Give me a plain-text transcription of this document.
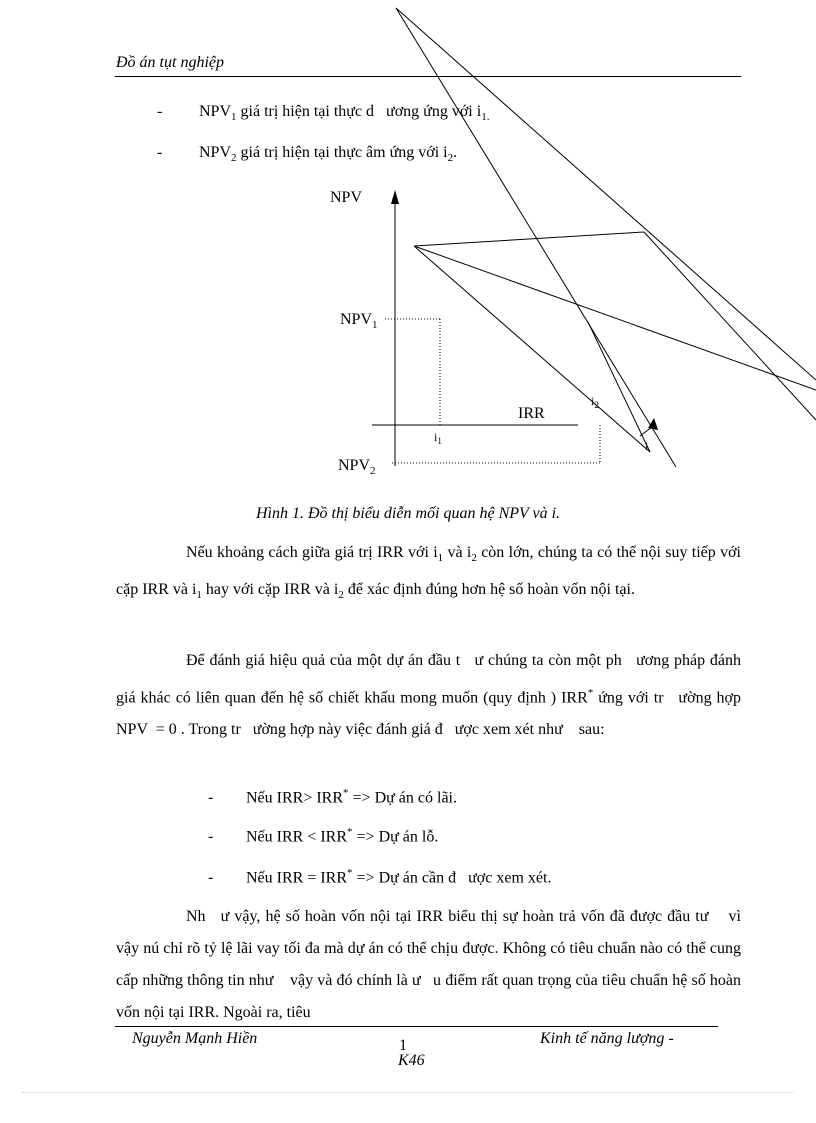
Đồ án tụt nghiệp
- $NPV_1$ giá trị hiện tại thực d   ương ứng với $i_{1.}$
- $NPV_2$ giá trị hiện tại thực âm ứng với $i_2$.
NPV
$NPV_1$
$NPV_2$
IRR
$i_1$
$i_2$
i
Hình 1. Đồ thị biểu diễn mối quan hệ NPV và i.
Nếu khoảng cách giữa giá trị IRR với $i_1$ và $i_2$ còn lớn, chúng ta có thể nội suy tiếp với cặp IRR và $i_1$ hay với cặp IRR và $i_2$ để xác định đúng hơn hệ số hoàn vốn nội tại.
Để đánh giá hiệu quả của một dự án đầu t   ư chúng ta còn một ph   ương pháp đánh giá khác có liên quan đến hệ số chiết khấu mong muốn (quy định ) IRR* ứng với tr   ường hợp NPV  = 0 . Trong tr   ường hợp này việc đánh giá đ   ược xem xét như    sau:
- Nếu IRR> IRR* => Dự án có lãi.
- Nếu IRR < IRR* => Dự án lỗ.
- Nếu IRR = IRR* => Dự án cần đ   ược xem xét.
Nh   ư vậy, hệ số hoàn vốn nội tại IRR biểu thị sự hoàn trả vốn đã được đầu tư    vì vậy nú chỉ rõ tỷ lệ lãi vay tối đa mà dự án có thể chịu được. Không có tiêu chuẩn nào có thể cung cấp những thông tin như    vậy và đó chính là ư   u điểm rất quan trọng của tiêu chuẩn hệ số hoàn vốn nội tại IRR. Ngoài ra, tiêu
Nguyễn Mạnh Hiền	1	Kinh tế năng lượng -
K46
